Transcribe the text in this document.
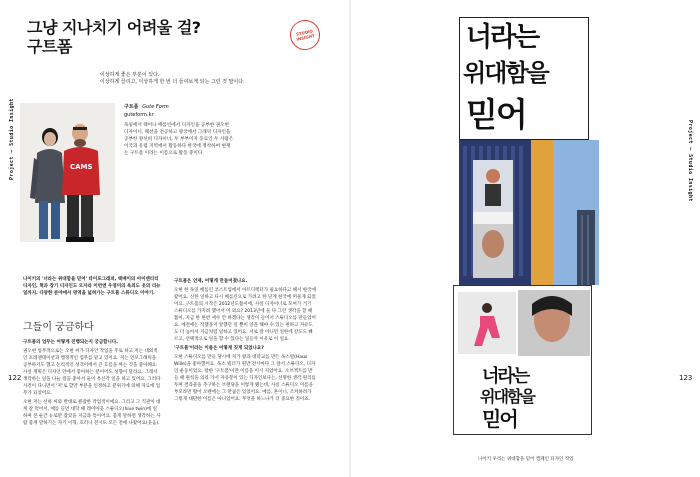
Project — Studio Insight
122
그냥 지나치기 어려울 걸?
구트폼
STUDIO INSIGHT
이상하게 좋은 부분이 있다.
이상하게 끌리고, 이상하게 한 번 더 들여보게 되는 그런 것 말이다.
CAMS
구트폼 Gute Form
guteform.kr
독일에서 태어나 베를린에서 디자인을 공부한 권오현 디자이너, 패션을 전공하고 양국에서 그래픽 디자인을 공부한 양선희 디자이너, 두 부부이자 동료인 두 사람은 이국과 유럽 지역에서 활동하다 한국에 정착하여 현재는 구트폼 이라는 이름으로 활동 중이다.

나이키의 '너라는 위대함을 믿어' 타이포그래피, 택배이의 아이덴티티 디자인, 혁과 장기 디자인도 모자라 이번엔 우영미의 옥외도 옷의 리뉴얼까지. 다양한 분야에서 영역을 넓혀가는 구트폼 스튜디오 이야기.

그들이 궁금하다

구트폼의 업무는 어떻게 진행되는지 궁금합니다.

권오현 업무적으로는 오현 씨가 디자인 작업을 주로 하고 저는 대외적인 프레젠테이션과 행정적인 업무를 맡고 있어요. 저는 인포그래픽을 공부하기도 했고 논리적인 성격이에서 큰 흐름을 짜는 것을 좋아해요. 사실 계획은 디자인 안에서 좋아하는 분이어도 성향이 달라요. 그래서 생각하는 일을 나눌 걸을 좋아서 둘이 옥신각 일을 하고 있어요. 그러다 사건이 다니면서 '저'로 할만 부분을 인정하고 분위기에 의해 자료에 업무가 되었어요.

오현 저는 선하 씨와 반대로 클잡한 작업적이에요. 그리고 그 직관이 대게 잘 먹어서, 예를 들면 대학 때 레이아웃 스튜디오(hive twin)에 일하며 본 순간 뉴로만 잡았을 지금과 특이어요. 좋게 말하면 생각하는 사람 좋게 말하기는 자기 이혁, 호러나 전시도 모든 전에 나왔어요(웃음).

구트폼은 언제, 어떻게 만들어졌나요.

오현 한 독일 베를린 코스트업에서 아트디렉터가 필요하다고 해서 한국에 왔어요. 신한 일하고 다시 베를린으로 가려고 한 단계 한국에 머물게 되었어요. 구트폼의 시작은 2012년도쯤이에, 사실 디자이너로 모여가 거기 스튜디오를 가지려 했어서 이 외요? 2013년에 둘 다 그런 생각을 할 때쯤이, 지금 한 한번 세수 안 하겠다는 생각이 들어서 스튜디오를 만들었어요. 예전에는 작했을지 앞했던 일 뿐이 일을 해야 수 있는 편하고 자유도도 더 높아서 지금처럼 일하고 있어요. 서로 잘 아니면 일한데 같도도 빠르고, 선택적으로 일을 할 수 있다는 일들까 이유로 이 일요.

'구트폼'이라는 이름은 어떻게 짓게 되었나요?

오현 스튜디오를 만들 당시에 저가 왕과 대학교를 만든 독스빌(Haus Wille)을 좋아했어요. 독스 빌더가 원만 전시마다 그 앞서 스튜디오, 디자인 운동이었요. 항한 '구트폼'이란 이름을 이시 지었어요. 오브젝트를 만들 때 원칙을 의리 가서 자유분이 있는 디자인보다는, 선명한 생각 원리를 두며 결과물을 추구하는 브랜딩을 이렇게 됐는데, 사실 스튜디오 이름을 부모라면 활이 오렌에는 그 만큼은 있었어요. 예를, 흔이너, 조커하려가 그렇게 대단한 이름은 아니었어요. 무엇을 하느냐가 더 중요한 것이죠.

Project — Studio Insight
123
너라는
위대함을
믿어
너라는
위대함을
믿어
나이키 우리는 위대함을 믿어 캠페인 디자인 작업
